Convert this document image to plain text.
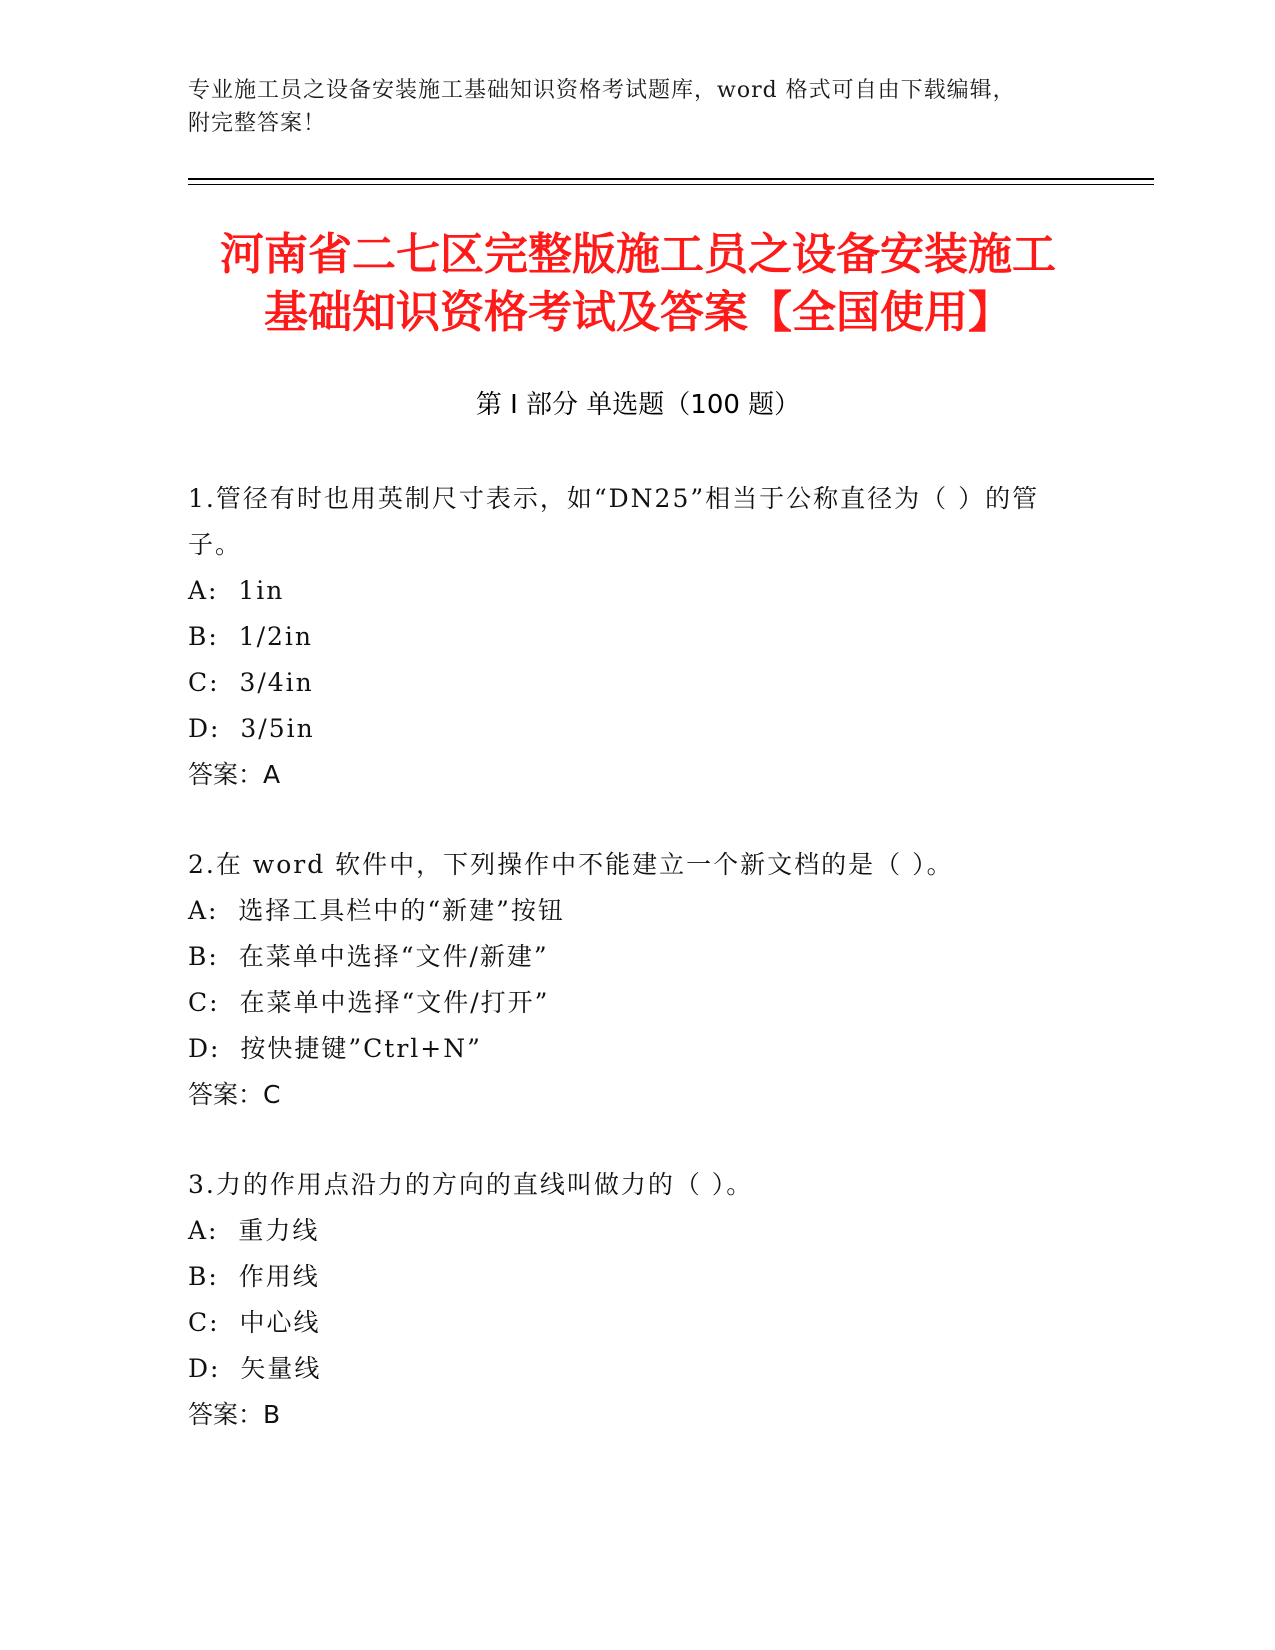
专业施工员之设备安装施工基础知识资格考试题库，word 格式可自由下载编辑，
附完整答案！
河南省二七区完整版施工员之设备安装施工
基础知识资格考试及答案【全国使用】
第 I 部分 单选题（100 题）

1.管径有时也用英制尺寸表示，如“DN25”相当于公称直径为（ ）的管子。

A:  1in

B:  1/2in

C:  3/4in

D:  3/5in

答案：A

2.在 word 软件中，下列操作中不能建立一个新文档的是（ ）。

A:  选择工具栏中的“新建”按钮

B:  在菜单中选择“文件/新建”

C:  在菜单中选择“文件/打开”

D:  按快捷键”Ctrl+N”

答案：C

3.力的作用点沿力的方向的直线叫做力的（ ）。

A:  重力线

B:  作用线

C:  中心线

D:  矢量线

答案：B
